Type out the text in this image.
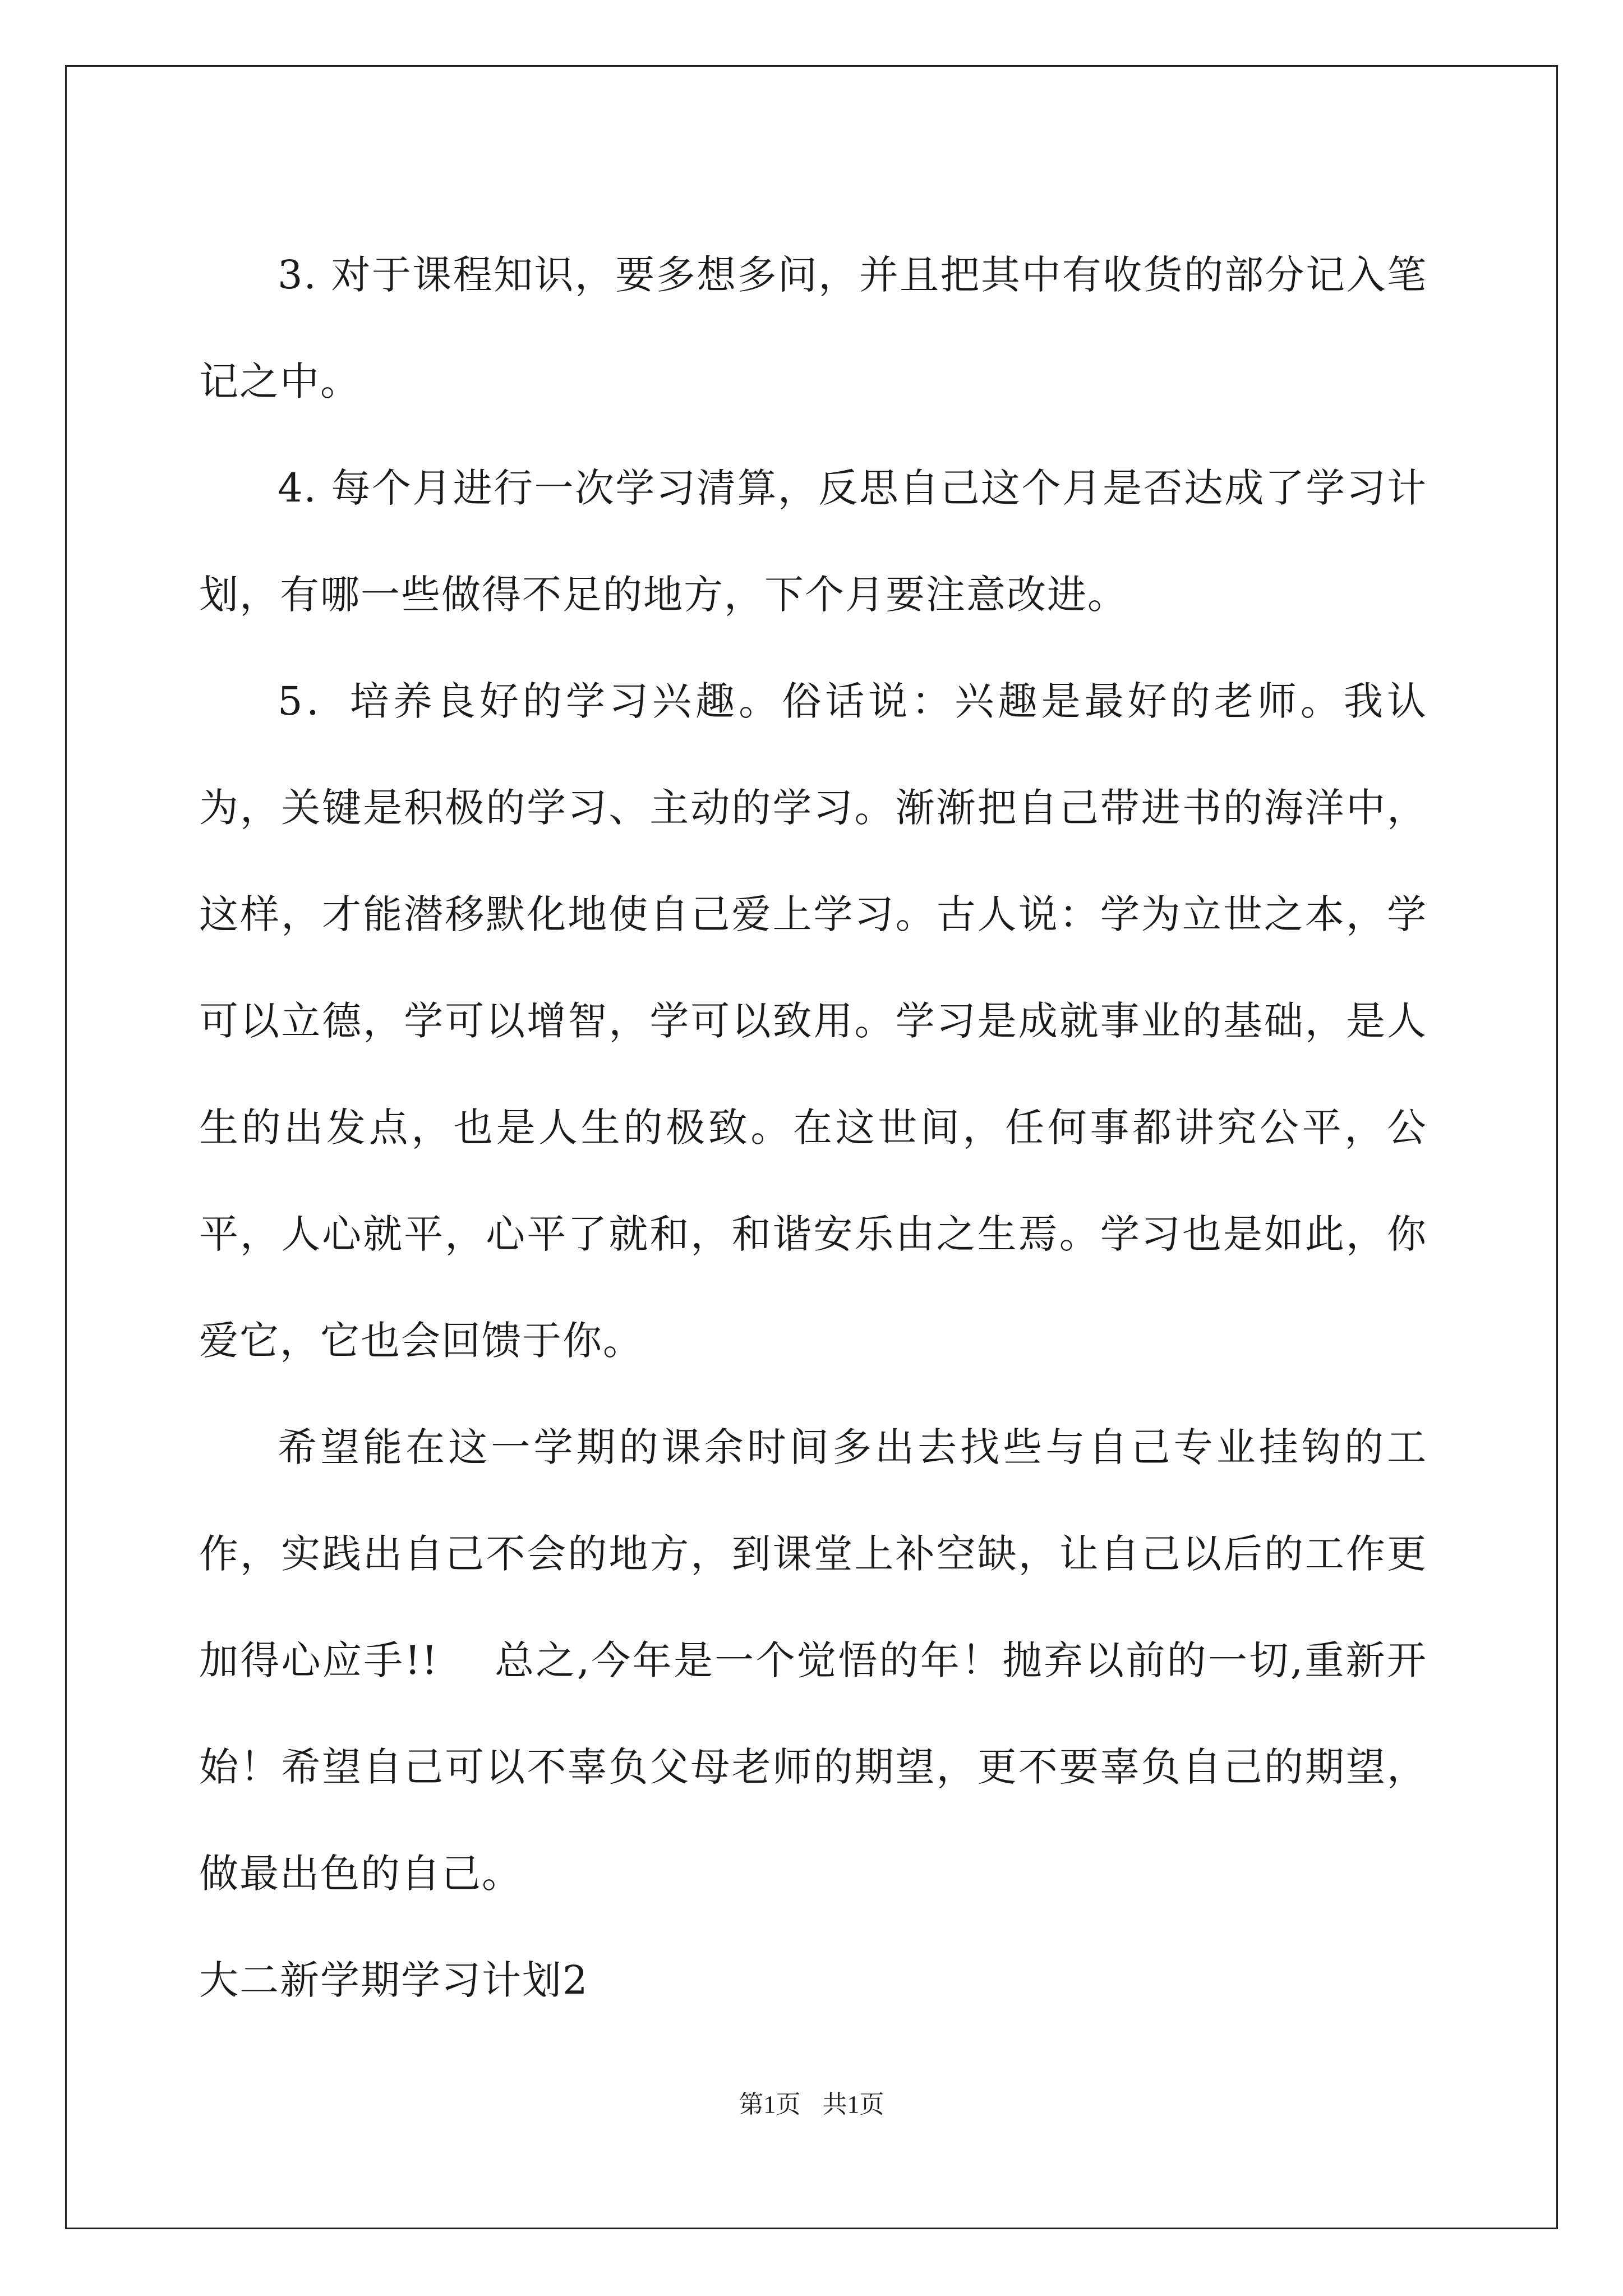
3. 对于课程知识，要多想多问，并且把其中有收货的部分记入笔记之中。

4. 每个月进行一次学习清算，反思自己这个月是否达成了学习计划，有哪一些做得不足的地方，下个月要注意改进。

5．培养良好的学习兴趣。俗话说：兴趣是最好的老师。我认为，关键是积极的学习、主动的学习。渐渐把自己带进书的海洋中，这样，才能潜移默化地使自己爱上学习。古人说：学为立世之本，学可以立德，学可以增智，学可以致用。学习是成就事业的基础，是人生的出发点，也是人生的极致。在这世间，任何事都讲究公平，公平，人心就平，心平了就和，和谐安乐由之生焉。学习也是如此，你爱它，它也会回馈于你。

希望能在这一学期的课余时间多出去找些与自己专业挂钩的工作，实践出自己不会的地方，到课堂上补空缺，让自己以后的工作更加得心应手!!　 总之,今年是一个觉悟的年！抛弃以前的一切,重新开始！希望自己可以不辜负父母老师的期望，更不要辜负自己的期望，做最出色的自己。

大二新学期学习计划2

第1页 共1页
